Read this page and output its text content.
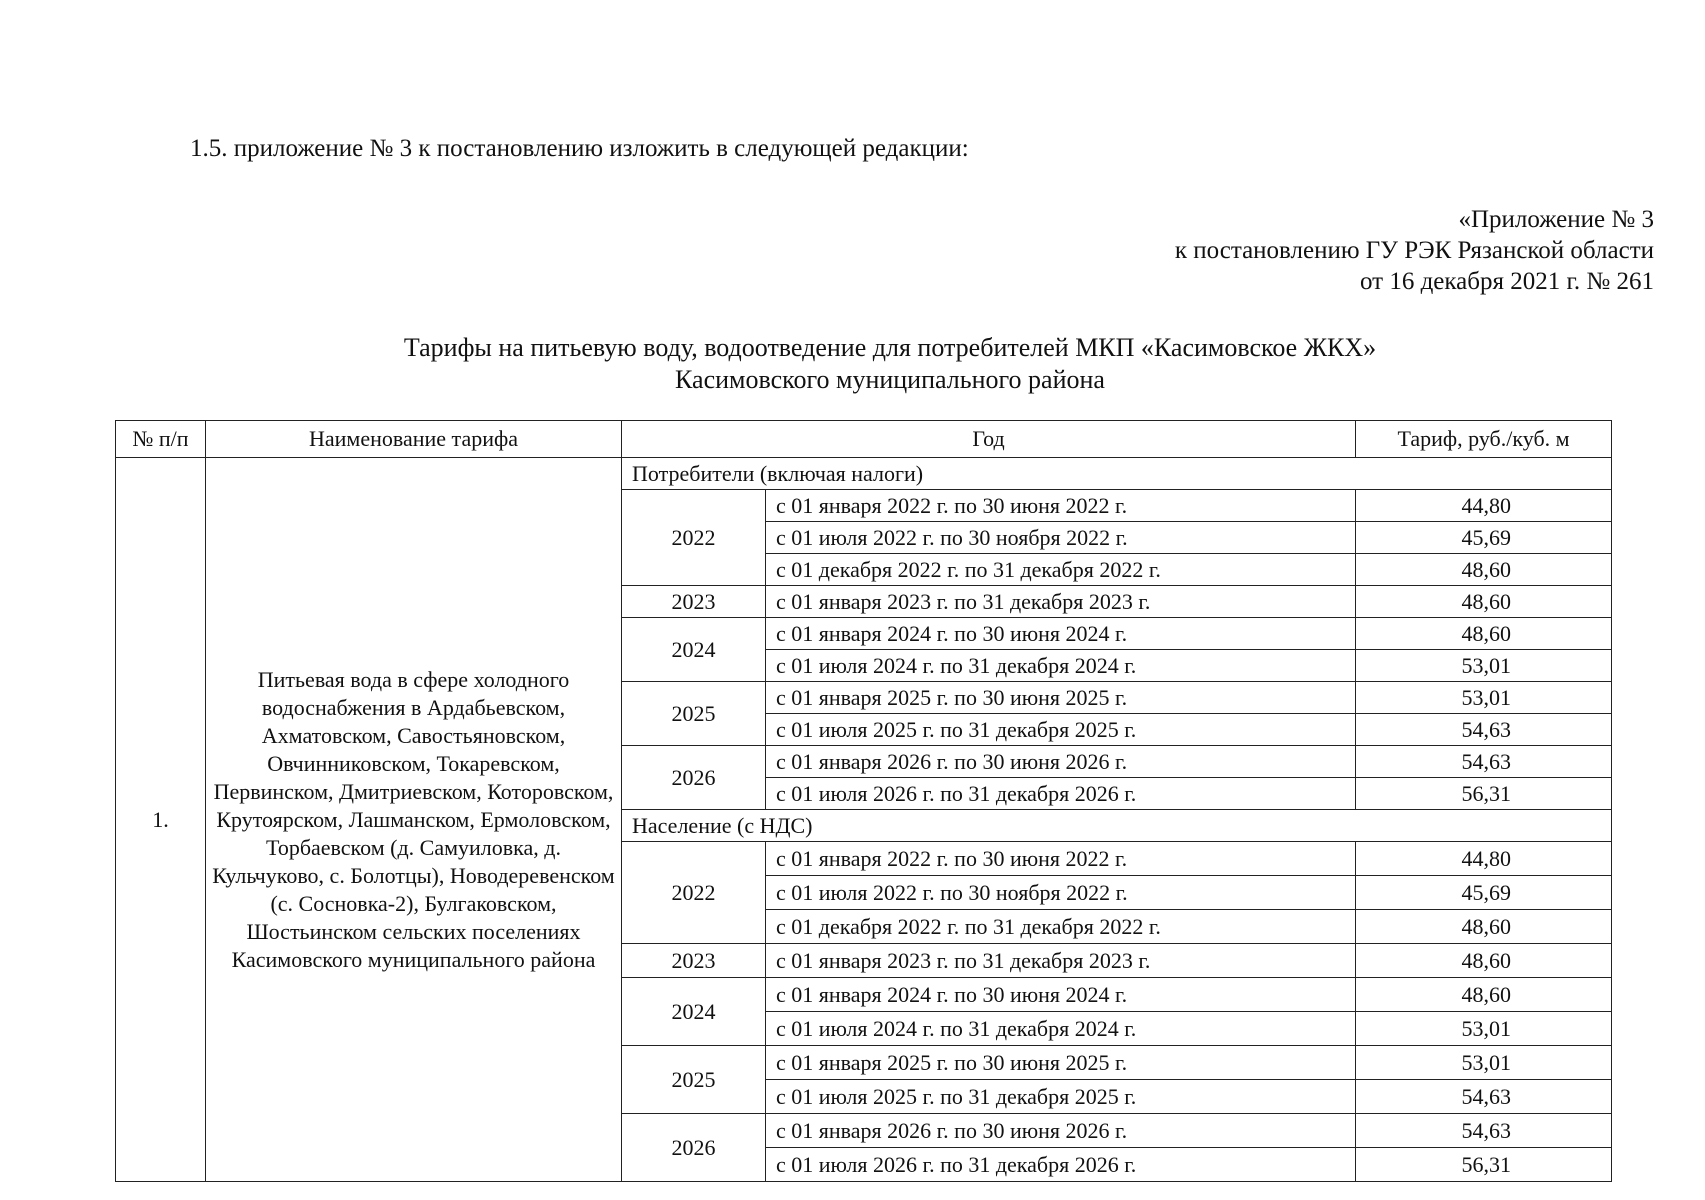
1.5. приложение № 3 к постановлению изложить в следующей редакции:
«Приложение № 3
к постановлению ГУ РЭК Рязанской области
от 16 декабря 2021 г. № 261
Тарифы на питьевую воду, водоотведение для потребителей МКП «Касимовское ЖКХ»
Касимовского муниципального района
№ п/п	Наименование тарифа	Год		Тариф, руб./куб. м
1.	Питьевая вода в сфере холодного водоснабжения в Ардабьевском, Ахматовском, Савостьяновском, Овчинниковском, Токаревском, Первинском, Дмитриевском, Которовском, Крутоярском, Лашманском, Ермоловском, Торбаевском (д. Самуиловка, д. Кульчуково, с. Болотцы), Новодеревенском (с. Сосновка-2), Булгаковском, Шостьинском сельских поселениях Касимовского муниципального района	Потребители (включая налоги)		
		2022	с 01 января 2022 г. по 30 июня 2022 г.	44,80
			с 01 июля 2022 г. по 30 ноября 2022 г.	45,69
			с 01 декабря 2022 г. по 31 декабря 2022 г.	48,60
		2023	с 01 января 2023 г. по 31 декабря 2023 г.	48,60
		2024	с 01 января 2024 г. по 30 июня 2024 г.	48,60
			с 01 июля 2024 г. по 31 декабря 2024 г.	53,01
		2025	с 01 января 2025 г. по 30 июня 2025 г.	53,01
			с 01 июля 2025 г. по 31 декабря 2025 г.	54,63
		2026	с 01 января 2026 г. по 30 июня 2026 г.	54,63
			с 01 июля 2026 г. по 31 декабря 2026 г.	56,31
		Население (с НДС)		
		2022	с 01 января 2022 г. по 30 июня 2022 г.	44,80
			с 01 июля 2022 г. по 30 ноября 2022 г.	45,69
			с 01 декабря 2022 г. по 31 декабря 2022 г.	48,60
		2023	с 01 января 2023 г. по 31 декабря 2023 г.	48,60
		2024	с 01 января 2024 г. по 30 июня 2024 г.	48,60
			с 01 июля 2024 г. по 31 декабря 2024 г.	53,01
		2025	с 01 января 2025 г. по 30 июня 2025 г.	53,01
			с 01 июля 2025 г. по 31 декабря 2025 г.	54,63
		2026	с 01 января 2026 г. по 30 июня 2026 г.	54,63
			с 01 июля 2026 г. по 31 декабря 2026 г.	56,31
